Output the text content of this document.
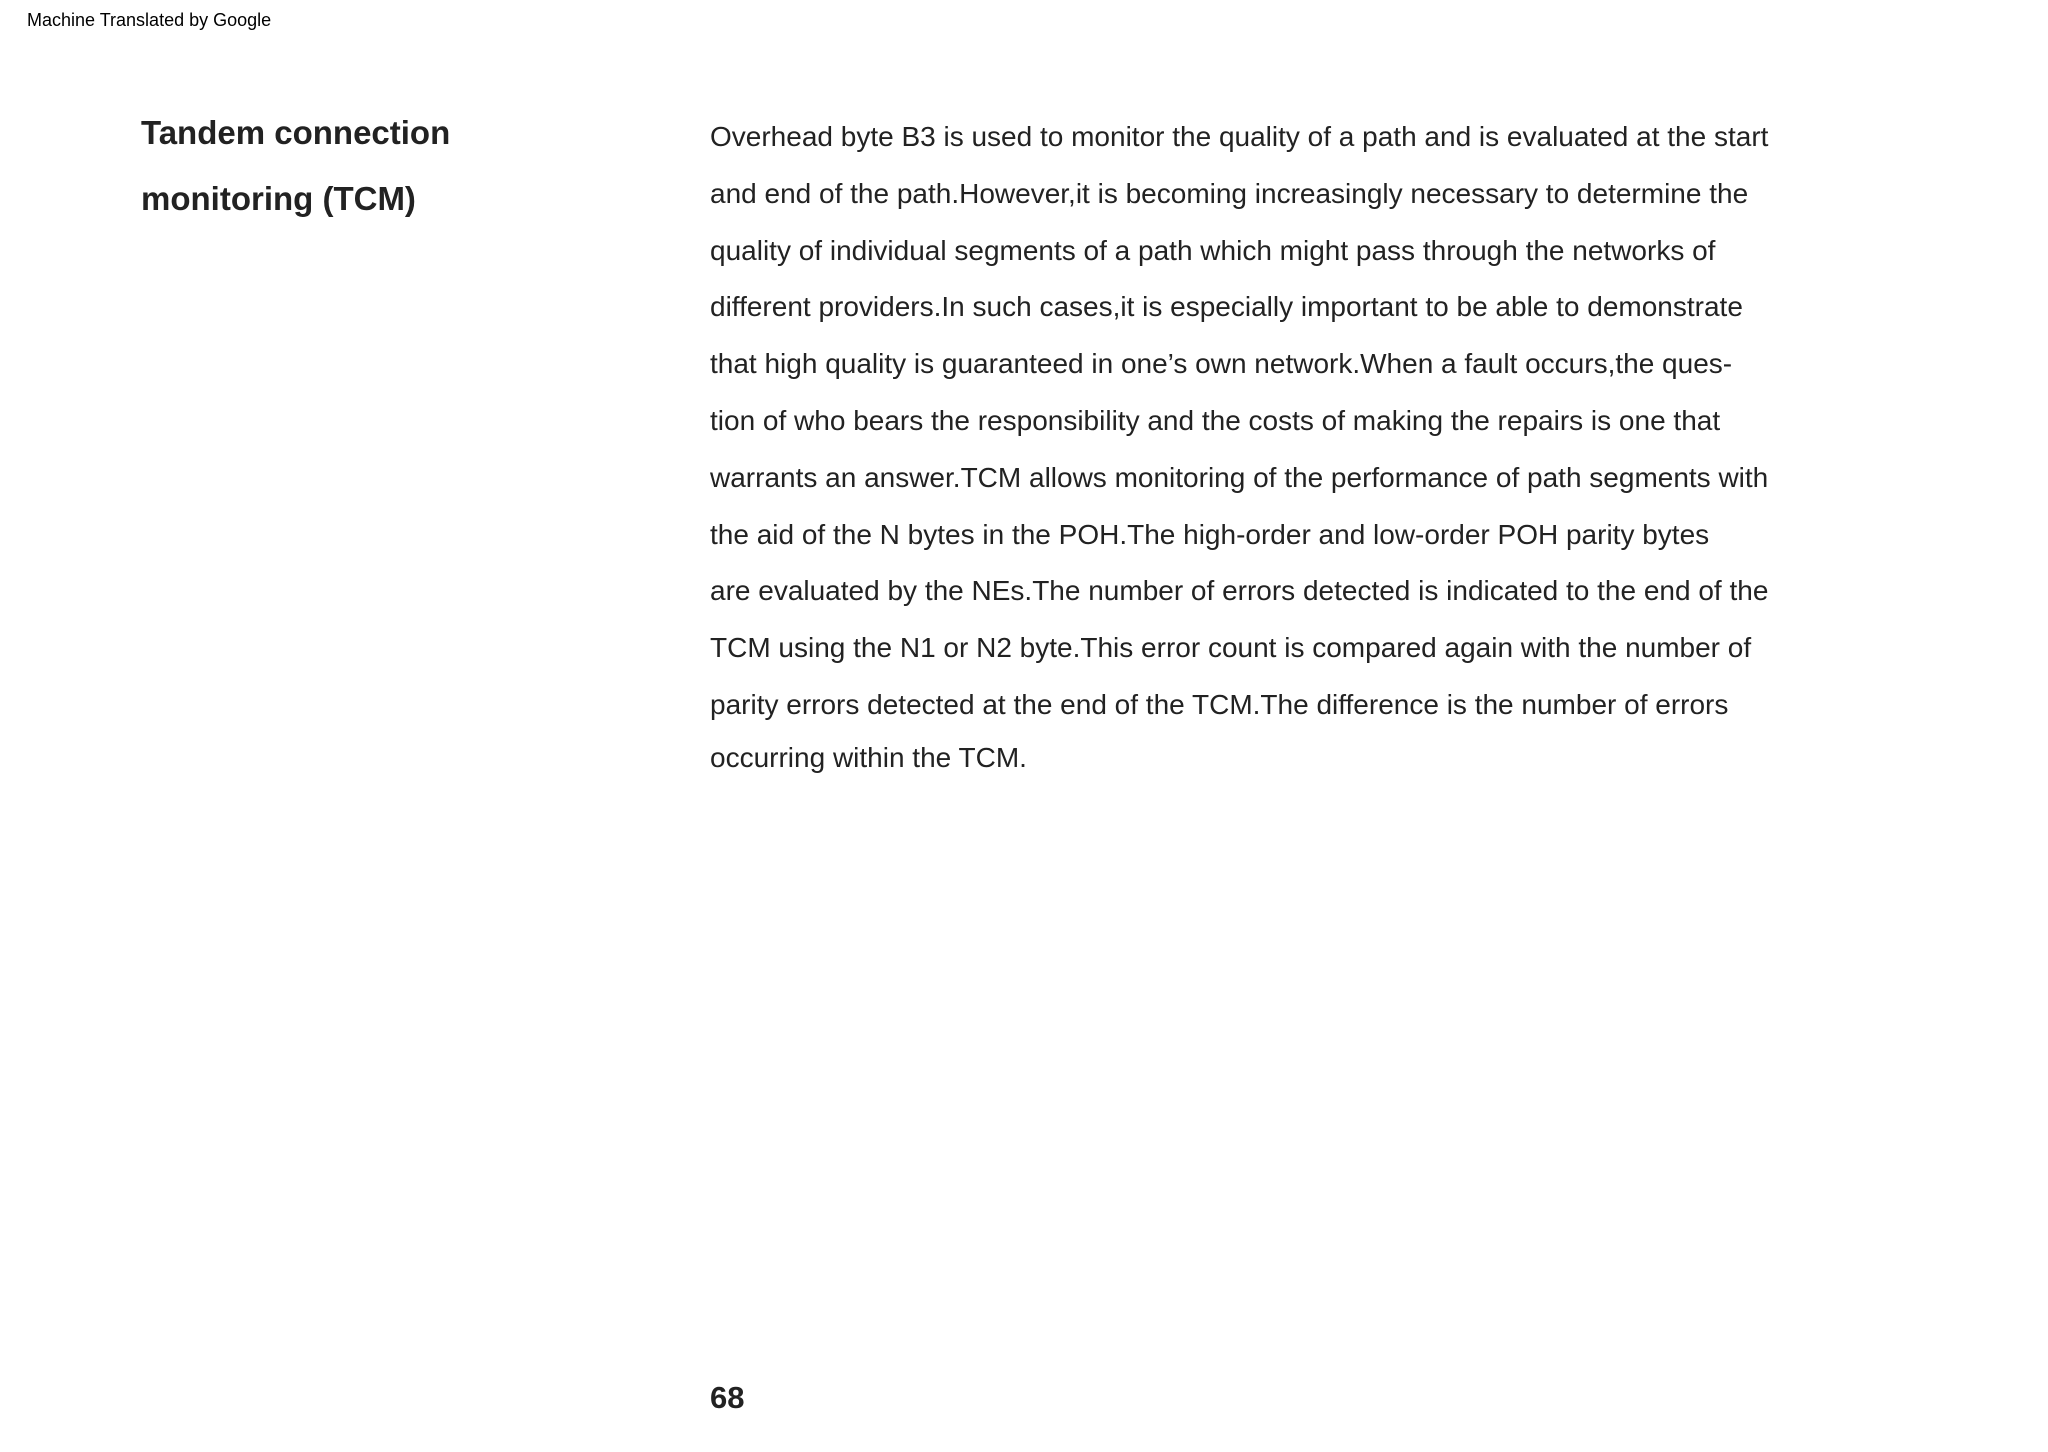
Machine Translated by Google
Tandem connection
monitoring (TCM)
Overhead byte B3 is used to monitor the quality of a path and is evaluated at the start
and end of the path.However,it is becoming increasingly necessary to determine the
quality of individual segments of a path which might pass through the networks of
different providers.In such cases,it is especially important to be able to demonstrate
that high quality is guaranteed in one’s own network.When a fault occurs,the ques-
tion of who bears the responsibility and the costs of making the repairs is one that
warrants an answer.TCM allows monitoring of the performance of path segments with
the aid of the N bytes in the POH.The high-order and low-order POH parity bytes
are evaluated by the NEs.The number of errors detected is indicated to the end of the
TCM using the N1 or N2 byte.This error count is compared again with the number of
parity errors detected at the end of the TCM.The difference is the number of errors
occurring within the TCM.
68
